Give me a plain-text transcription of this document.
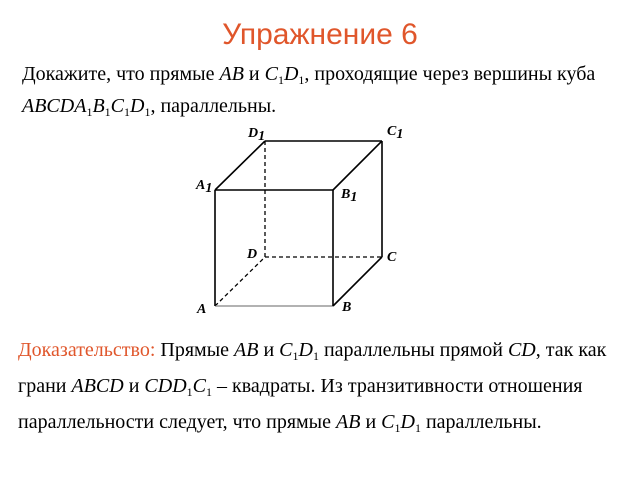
Упражнение 6
Докажите, что прямые AB и $C_1D_1$, проходящие через вершины куба $ABCDA_1B_1C_1D_1$, параллельны.
D1	C1
A1	B1
D	C
A	B
Доказательство: Прямые AB и $C_1D_1$ параллельны прямой CD, так как грани ABCD и $CDD_1C_1$ – квадраты. Из транзитивности отношения параллельности следует, что прямые AB и $C_1D_1$ параллельны.
